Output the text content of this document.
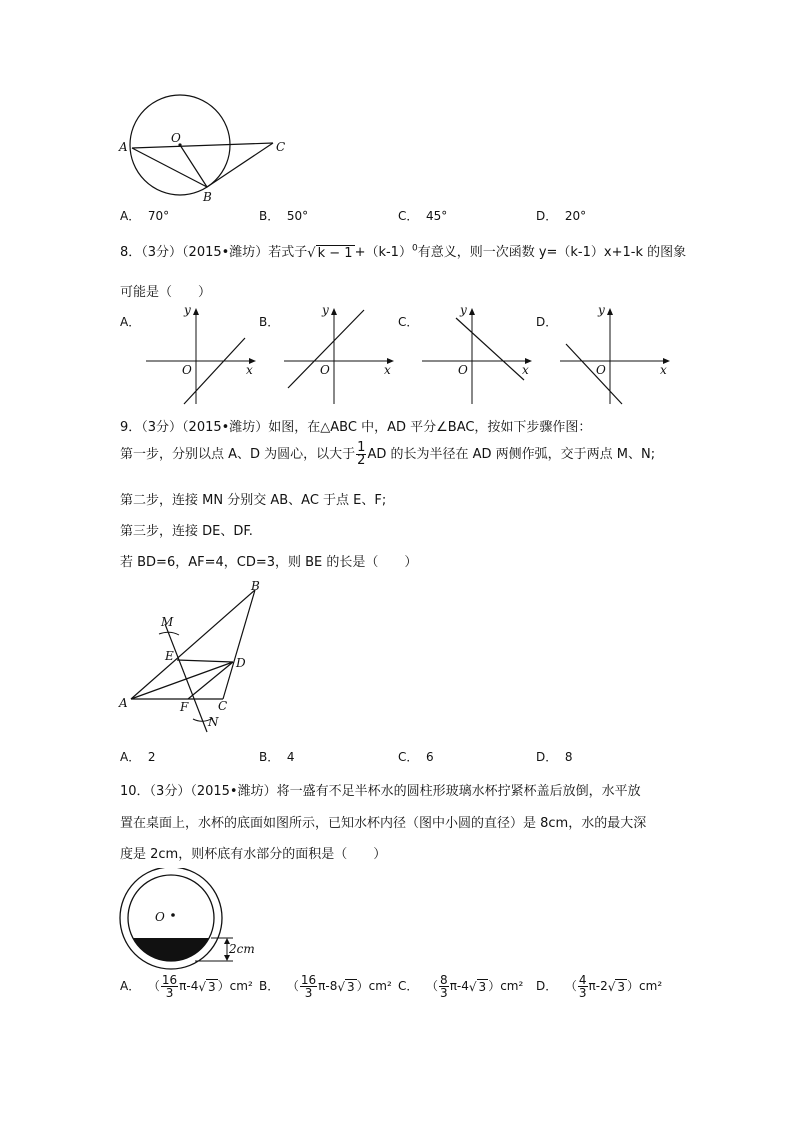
A
O
C
B
A． 70°	B． 50°	C． 45°	D． 20°
8．（3分）（2015•潍坊）若式子√ $k - 1 +(k-1)^0$有意义，则一次函数 y=（k-1）x+1-k 的图象
可能是（　　）
A．	B．	C．	D．
y
x
O
y
x
O
y
x
O
y
x
O
9．（3分）（2015•潍坊）如图，在△ABC 中，AD 平分∠BAC，按如下步骤作图：
第一步，分别以点 A、D 为圆心，以大于 $\frac{1}{2}$ AD 的长为半径在 AD 两侧作弧，交于两点 M、N;
第二步，连接 MN 分别交 AB、AC 于点 E、F;
第三步，连接 DE、DF.
若 BD=6，AF=4，CD=3，则 BE 的长是（　　）
B
M
E	D
A	F C
N
A． 2	B． 4	C． 6	D． 8
10．（3分）（2015•潍坊）将一盛有不足半杯水的圆柱形玻璃水杯拧紧杯盖后放倒，水平放
置在桌面上，水杯的底面如图所示，已知水杯内径（图中小圆的直径）是 8cm，水的最大深
度是 2cm，则杯底有水部分的面积是（　　）
O
2cm
A． （ $\frac{16}{3} \pi-4√$ 3 ）cm² B． （ $\frac{16}{3} \pi-8√$ 3 ）cm² C． （ $\frac{8}{3} \pi-4√$ 3 ）cm² D． （ $\frac{4}{3} \pi-2√$ 3 ）cm²
